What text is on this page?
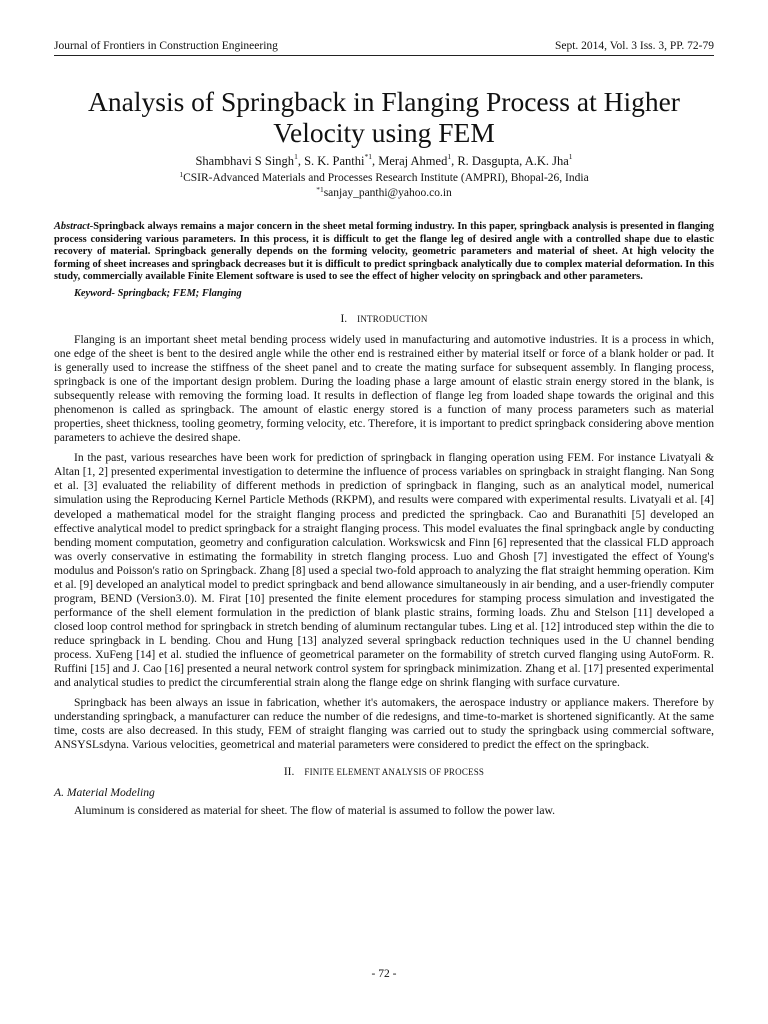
Journal of Frontiers in Construction Engineering	Sept. 2014, Vol. 3 Iss. 3, PP. 72-79
Analysis of Springback in Flanging Process at Higher Velocity using FEM
Shambhavi S Singh$^1$, S. K. Panthi$^{*1}$, Meraj Ahmed$^1$, R. Dasgupta, A.K. Jha$^1$
$^1$CSIR-Advanced Materials and Processes Research Institute (AMPRI), Bhopal-26, India
$^{*1}$sanjay_panthi@yahoo.co.in
Abstract-Springback always remains a major concern in the sheet metal forming industry. In this paper, springback analysis is presented in flanging process considering various parameters. In this process, it is difficult to get the flange leg of desired angle with a controlled shape due to elastic recovery of material. Springback generally depends on the forming velocity, geometric parameters and material of sheet. At high velocity the forming of sheet increases and springback decreases but it is difficult to predict springback analytically due to complex material deformation. In this study, commercially available Finite Element software is used to see the effect of higher velocity on springback and other parameters.
Keyword- Springback; FEM; Flanging
I. INTRODUCTION

Flanging is an important sheet metal bending process widely used in manufacturing and automotive industries. It is a process in which, one edge of the sheet is bent to the desired angle while the other end is restrained either by material itself or force of a blank holder or pad. It is generally used to increase the stiffness of the sheet panel and to create the mating surface for subsequent assembly. In flanging process, springback is one of the important design problem. During the loading phase a large amount of elastic strain energy stored in the blank, is subsequently release with removing the forming load. It results in deflection of flange leg from loaded shape towards the original and this phenomenon is called as springback. The amount of elastic energy stored is a function of many process parameters such as material properties, sheet thickness, tooling geometry, forming velocity, etc. Therefore, it is important to predict springback considering above mention parameters to achieve the desired shape.

In the past, various researches have been work for prediction of springback in flanging operation using FEM. For instance Livatyali & Altan [1, 2] presented experimental investigation to determine the influence of process variables on springback in straight flanging. Nan Song et al. [3] evaluated the reliability of different methods in prediction of springback in flanging, such as an analytical model, numerical simulation using the Reproducing Kernel Particle Methods (RKPM), and results were compared with experimental results. Livatyali et al. [4] developed a mathematical model for the straight flanging process and predicted the springback. Cao and Buranathiti [5] developed an effective analytical model to predict springback for a straight flanging process. This model evaluates the final springback angle by conducting bending moment computation, geometry and configuration calculation. Workswicsk and Finn [6] represented that the classical FLD approach was overly conservative in estimating the formability in stretch flanging process. Luo and Ghosh [7] investigated the effect of Young's modulus and Poisson's ratio on Springback. Zhang [8] used a special two-fold approach to analyzing the flat straight hemming operation. Kim et al. [9] developed an analytical model to predict springback and bend allowance simultaneously in air bending, and a user-friendly computer program, BEND (Version3.0). M. Firat [10] presented the finite element procedures for stamping process simulation and investigated the performance of the shell element formulation in the prediction of blank plastic strains, forming loads. Zhu and Stelson [11] developed a closed loop control method for springback in stretch bending of aluminum rectangular tubes. Ling et al. [12] introduced step within the die to reduce springback in L bending. Chou and Hung [13] analyzed several springback reduction techniques used in the U channel bending process. XuFeng [14] et al. studied the influence of geometrical parameter on the formability of stretch curved flanging using AutoForm. R. Ruffini [15] and J. Cao [16] presented a neural network control system for springback minimization. Zhang et al. [17] presented experimental and analytical studies to predict the circumferential strain along the flange edge on shrink flanging with surface curvature.

Springback has been always an issue in fabrication, whether it's automakers, the aerospace industry or appliance makers. Therefore by understanding springback, a manufacturer can reduce the number of die redesigns, and time-to-market is shortened significantly. At the same time, costs are also decreased. In this study, FEM of straight flanging was carried out to study the springback using commercial software, ANSYSLsdyna. Various velocities, geometrical and material parameters were considered to predict the effect on the springback.

II. FINITE ELEMENT ANALYSIS OF PROCESS
A. Material Modeling

Aluminum is considered as material for sheet. The flow of material is assumed to follow the power law.

- 72 -
